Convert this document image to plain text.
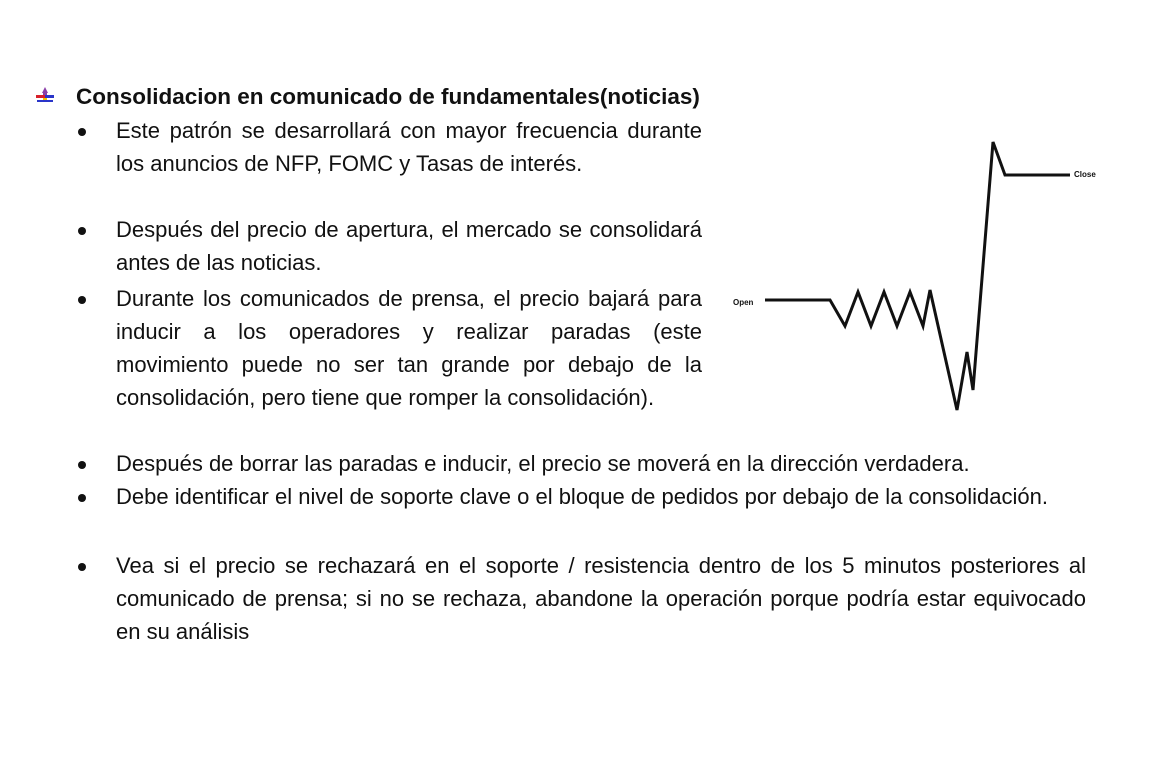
Consolidacion en comunicado de fundamentales(noticias)
Este patrón se desarrollará con mayor frecuencia durante los anuncios de NFP, FOMC y Tasas de interés.
Después del precio de apertura, el mercado se consolidará antes de las noticias.
Durante los comunicados de prensa, el precio bajará para inducir a los operadores y realizar paradas (este movimiento puede no ser tan grande por debajo de la consolidación, pero tiene que romper la consolidación).
Después de borrar las paradas e inducir, el precio se moverá en la dirección verdadera.
Debe identificar el nivel de soporte clave o el bloque de pedidos por debajo de la consolidación.
Vea si el precio se rechazará en el soporte / resistencia dentro de los 5 minutos posteriores al comunicado de prensa; si no se rechaza, abandone la operación porque podría estar equivocado en su análisis
Open
Close
